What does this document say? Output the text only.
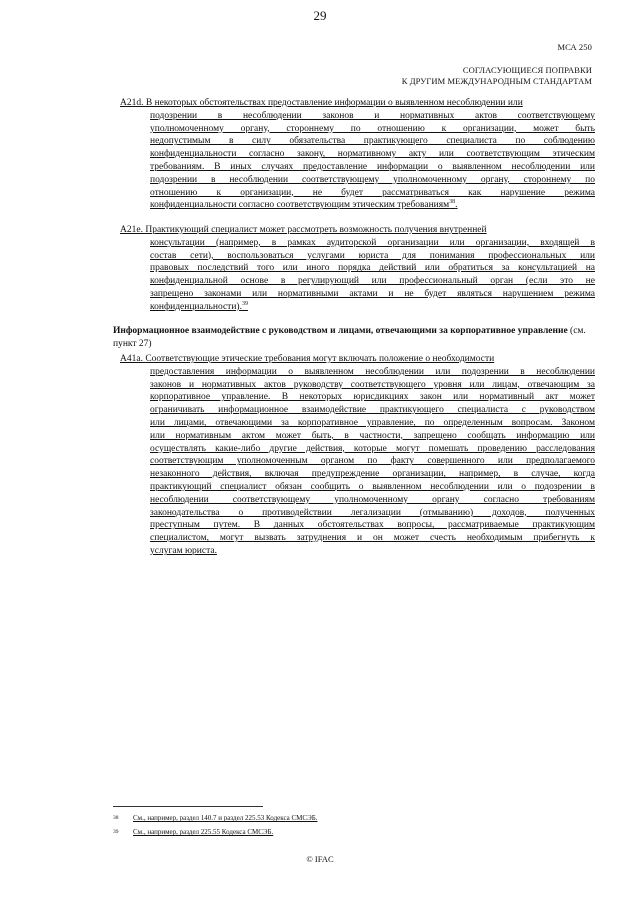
29
МСА 250
СОГЛАСУЮЩИЕСЯ ПОПРАВКИ
К ДРУГИМ МЕЖДУНАРОДНЫМ СТАНДАРТАМ
A21d. В некоторых обстоятельствах предоставление информации о выявленном несоблюдении или
подозрении в несоблюдении законов и нормативных актов соответствующему
уполномоченному органу, стороннему по отношению к организации, может быть
недопустимым в силу обязательства практикующего специалиста по соблюдению
конфиденциальности согласно закону, нормативному акту или соответствующим этическим
требованиям. В иных случаях предоставление информации о выявленном несоблюдении или
подозрении в несоблюдении соответствующему уполномоченному органу, стороннему по
отношению к организации, не будет рассматриваться как нарушение режима
конфиденциальности согласно соответствующим этическим требованиям$^{38}$.
A21e. Практикующий специалист может рассмотреть возможность получения внутренней
консультации (например, в рамках аудиторской организации или организации, входящей в
состав сети), воспользоваться услугами юриста для понимания профессиональных или
правовых последствий того или иного порядка действий или обратиться за консультацией на
конфиденциальной основе в регулирующий или профессиональный орган (если это не
запрещено законами или нормативными актами и не будет являться нарушением режима
конфиденциальности).$^{39}$
Информационное взаимодействие с руководством и лицами, отвечающими за корпоративное управление (см. пункт 27)
A41a. Соответствующие этические требования могут включать положение о необходимости
предоставления информации о выявленном несоблюдении или подозрении в несоблюдении
законов и нормативных актов руководству соответствующего уровня или лицам, отвечающим за
корпоративное управление. В некоторых юрисдикциях закон или нормативный акт может
ограничивать информационное взаимодействие практикующего специалиста с руководством
или лицами, отвечающими за корпоративное управление, по определенным вопросам. Законом
или нормативным актом может быть, в частности, запрещено сообщать информацию или
осуществлять какие-либо другие действия, которые могут помешать проведению расследования
соответствующим уполномоченным органом по факту совершенного или предполагаемого
незаконного действия, включая предупреждение организации, например, в случае, когда
практикующий специалист обязан сообщить о выявленном несоблюдении или о подозрении в
несоблюдении соответствующему уполномоченному органу согласно требованиям
законодательства о противодействии легализации (отмыванию) доходов, полученных
преступным путем. В данных обстоятельствах вопросы, рассматриваемые практикующим
специалистом, могут вызвать затруднения и он может счесть необходимым прибегнуть к
услугам юриста.
38 См., например, раздел 140.7 и раздел 225.53 Кодекса СМСЭБ.
39 См., например, раздел 225.55 Кодекса СМСЭБ.
© IFAC
